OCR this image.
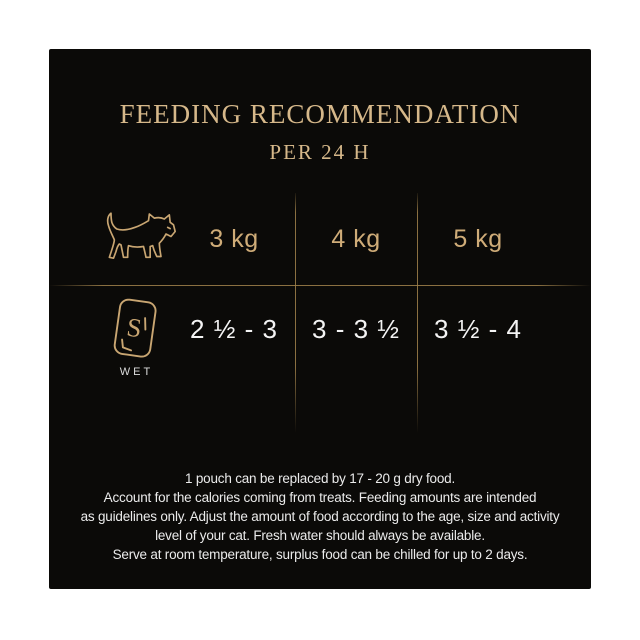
FEEDING RECOMMENDATION
PER 24 H
3 kg	4 kg	5 kg
S
WET
2 ½ - 3	3 - 3 ½	3 ½ - 4
1 pouch can be replaced by 17 - 20 g dry food.
Account for the calories coming from treats. Feeding amounts are intended
as guidelines only. Adjust the amount of food according to the age, size and activity
level of your cat. Fresh water should always be available.
Serve at room temperature, surplus food can be chilled for up to 2 days.
